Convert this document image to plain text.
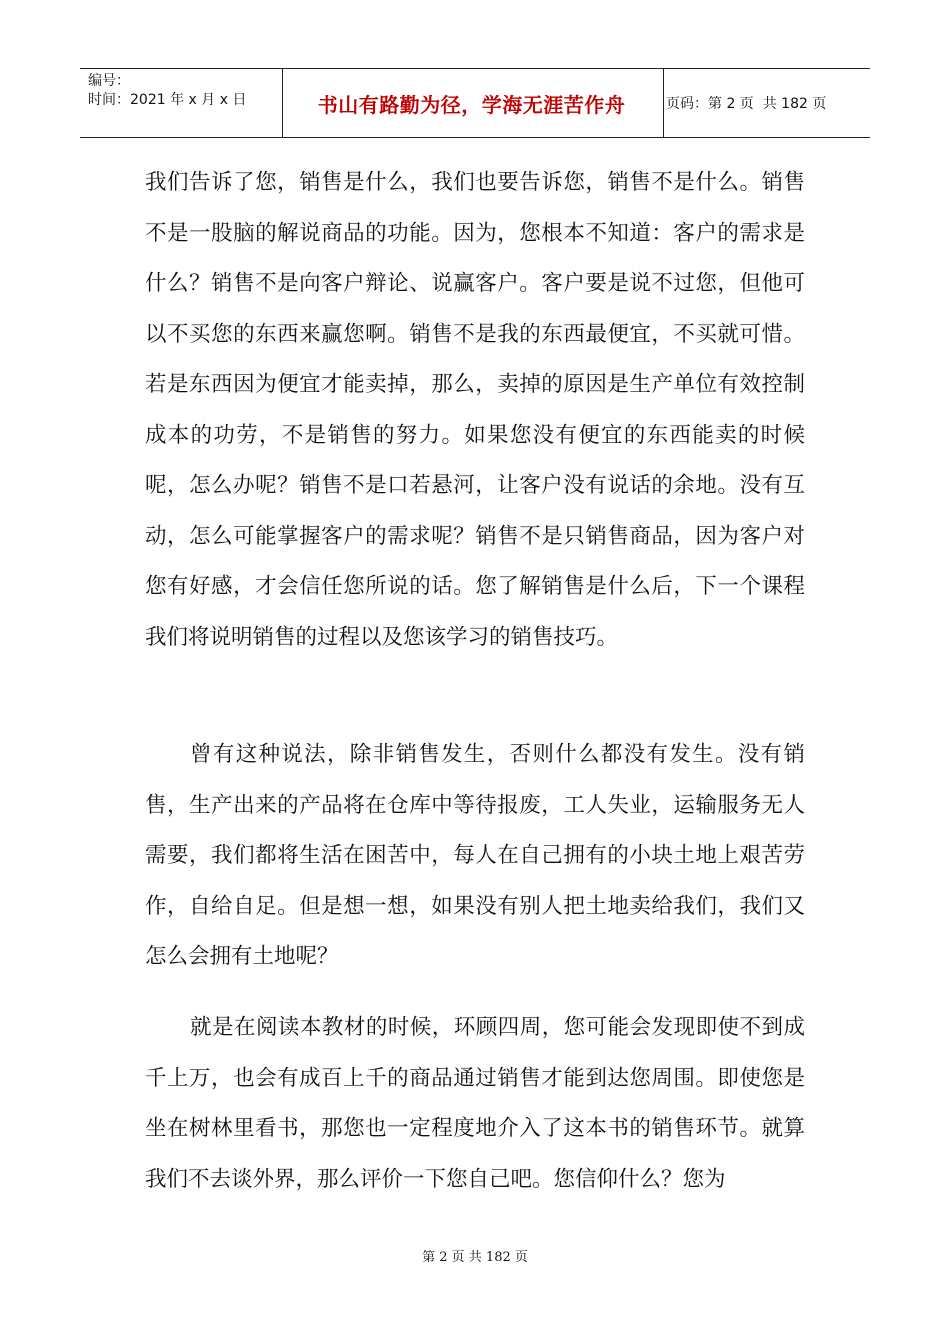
编号：
时间：2021 年 x 月 x 日	书山有路勤为径，学海无涯苦作舟	页码：第 2 页  共 182 页

我们告诉了您，销售是什么，我们也要告诉您，销售不是什么。销售不是一股脑的解说商品的功能。因为，您根本不知道：客户的需求是什么？销售不是向客户辩论、说赢客户。客户要是说不过您，但他可以不买您的东西来赢您啊。销售不是我的东西最便宜，不买就可惜。若是东西因为便宜才能卖掉，那么，卖掉的原因是生产单位有效控制成本的功劳，不是销售的努力。如果您没有便宜的东西能卖的时候呢，怎么办呢？销售不是口若悬河，让客户没有说话的余地。没有互动，怎么可能掌握客户的需求呢？销售不是只销售商品，因为客户对您有好感，才会信任您所说的话。您了解销售是什么后，下一个课程我们将说明销售的过程以及您该学习的销售技巧。

曾有这种说法，除非销售发生，否则什么都没有发生。没有销售，生产出来的产品将在仓库中等待报废，工人失业，运输服务无人需要，我们都将生活在困苦中，每人在自己拥有的小块土地上艰苦劳作，自给自足。但是想一想，如果没有别人把土地卖给我们，我们又怎么会拥有土地呢？

就是在阅读本教材的时候，环顾四周，您可能会发现即使不到成千上万，也会有成百上千的商品通过销售才能到达您周围。即使您是坐在树林里看书，那您也一定程度地介入了这本书的销售环节。就算我们不去谈外界，那么评价一下您自己吧。您信仰什么？您为

第 2 页 共 182 页
